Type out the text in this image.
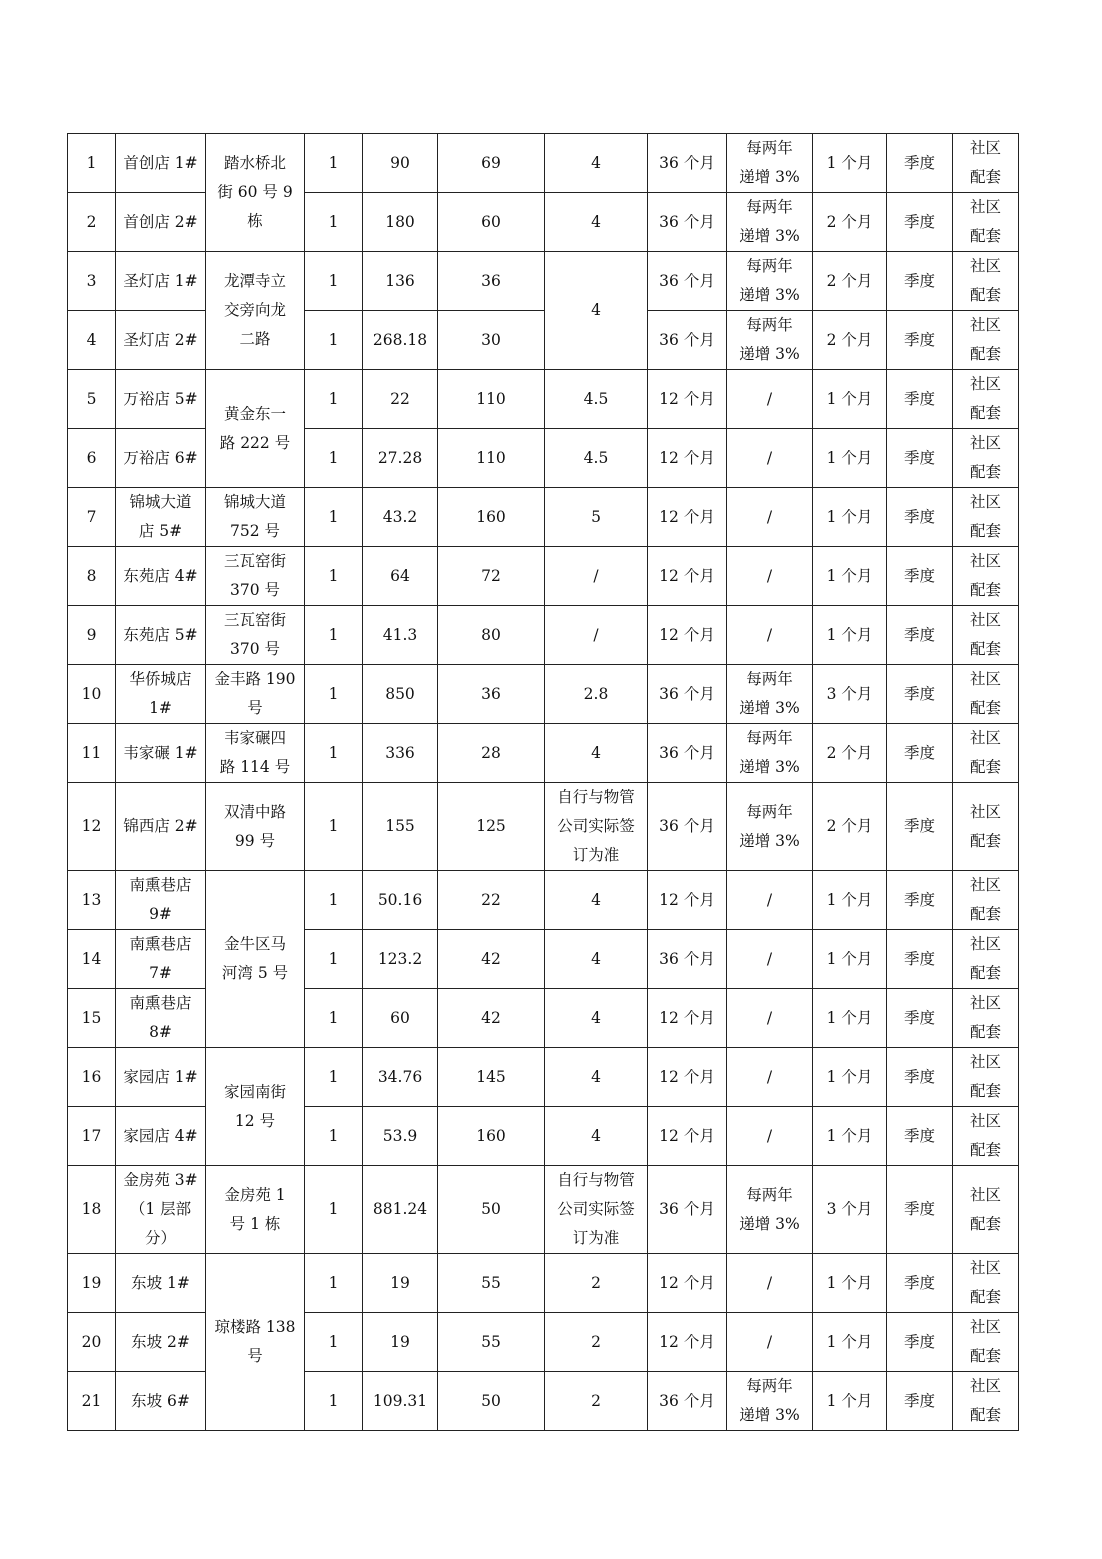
1	首创店 1#	踏水桥北
街 60 号 9
栋	1	90	69	4	36 个月	每两年
递增 3%	1 个月	季度	社区
配套
2	首创店 2#		1	180	60	4	36 个月	每两年
递增 3%	2 个月	季度	社区
配套
3	圣灯店 1#	龙潭寺立
交旁向龙
二路	1	136	36	4	36 个月	每两年
递增 3%	2 个月	季度	社区
配套
4	圣灯店 2#		1	268.18	30		36 个月	每两年
递增 3%	2 个月	季度	社区
配套
5	万裕店 5#	黄金东一
路 222 号	1	22	110	4.5	12 个月	/	1 个月	季度	社区
配套
6	万裕店 6#		1	27.28	110	4.5	12 个月	/	1 个月	季度	社区
配套
7	锦城大道
店 5#	锦城大道
752 号	1	43.2	160	5	12 个月	/	1 个月	季度	社区
配套
8	东苑店 4#	三瓦窑街
370 号	1	64	72	/	12 个月	/	1 个月	季度	社区
配套
9	东苑店 5#	三瓦窑街
370 号	1	41.3	80	/	12 个月	/	1 个月	季度	社区
配套
10	华侨城店
1#	金丰路 190
号	1	850	36	2.8	36 个月	每两年
递增 3%	3 个月	季度	社区
配套
11	韦家碾 1#	韦家碾四
路 114 号	1	336	28	4	36 个月	每两年
递增 3%	2 个月	季度	社区
配套
12	锦西店 2#	双清中路
99 号	1	155	125	自行与物管
公司实际签
订为准	36 个月	每两年
递增 3%	2 个月	季度	社区
配套
13	南熏巷店
9#	金牛区马
河湾 5 号	1	50.16	22	4	12 个月	/	1 个月	季度	社区
配套
14	南熏巷店
7#		1	123.2	42	4	36 个月	/	1 个月	季度	社区
配套
15	南熏巷店
8#		1	60	42	4	12 个月	/	1 个月	季度	社区
配套
16	家园店 1#	家园南街
12 号	1	34.76	145	4	12 个月	/	1 个月	季度	社区
配套
17	家园店 4#		1	53.9	160	4	12 个月	/	1 个月	季度	社区
配套
18	金房苑 3#
（1 层部
分）	金房苑 1
号 1 栋	1	881.24	50	自行与物管
公司实际签
订为准	36 个月	每两年
递增 3%	3 个月	季度	社区
配套
19	东坡 1#	琼楼路 138
号	1	19	55	2	12 个月	/	1 个月	季度	社区
配套
20	东坡 2#		1	19	55	2	12 个月	/	1 个月	季度	社区
配套
21	东坡 6#		1	109.31	50	2	36 个月	每两年
递增 3%	1 个月	季度	社区
配套
